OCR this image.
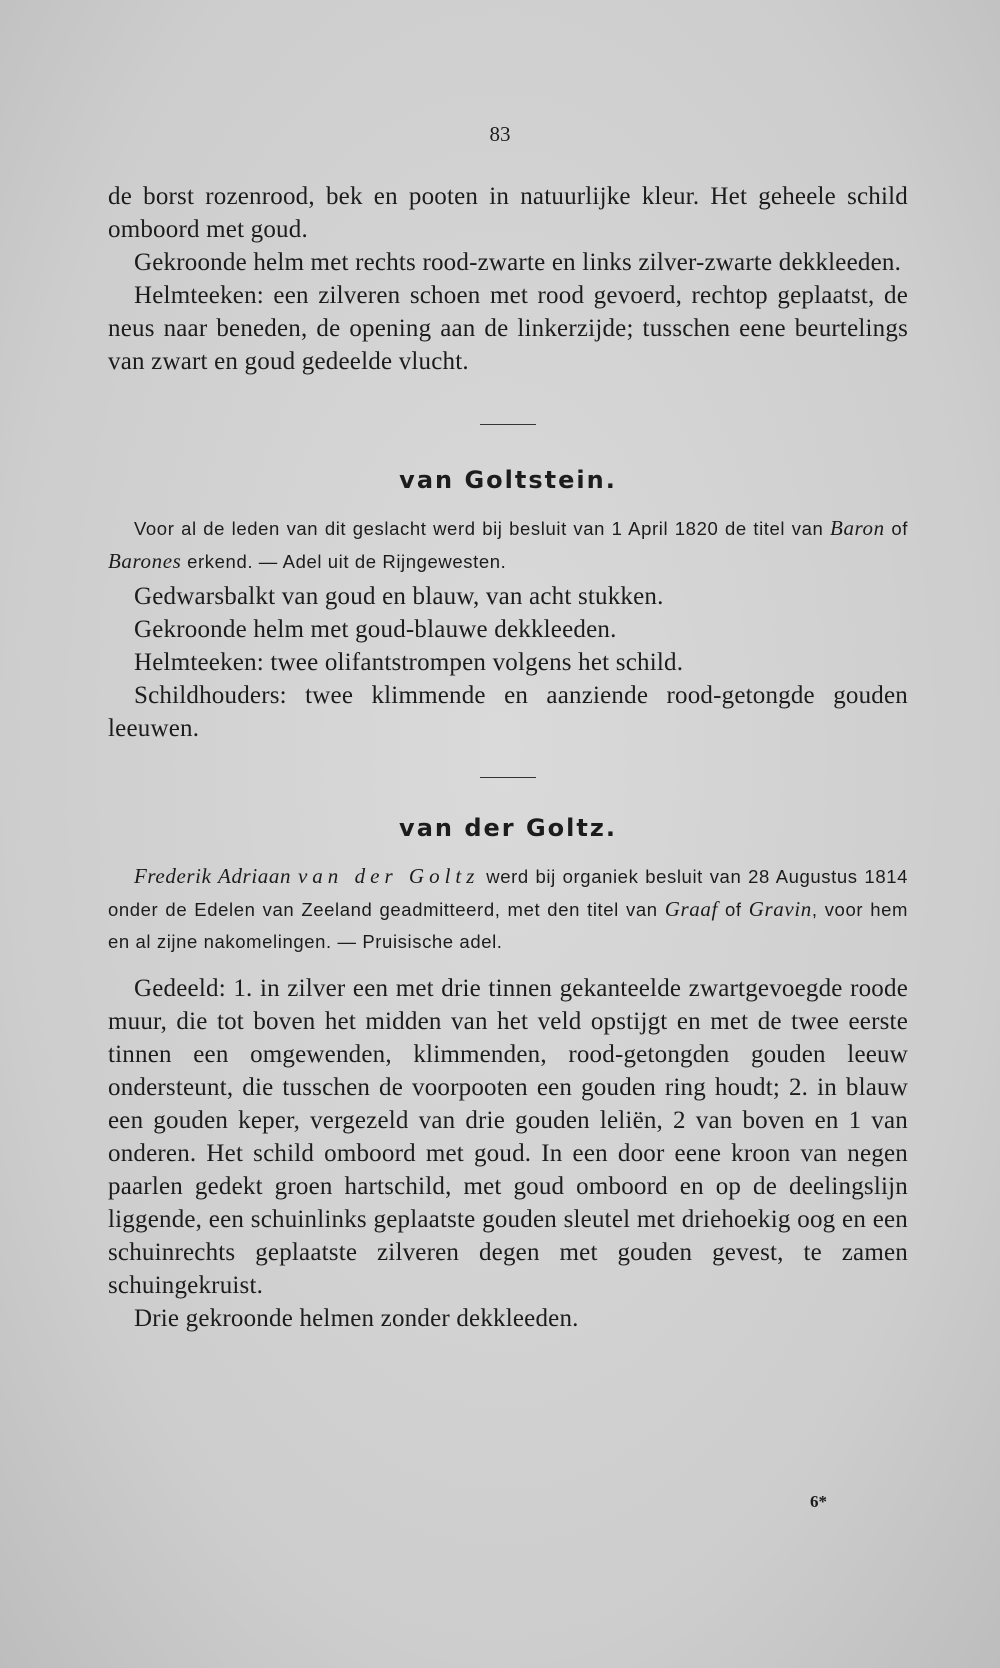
83

de borst rozenrood, bek en pooten in natuurlijke kleur. Het geheele schild omboord met goud.

Gekroonde helm met rechts rood-zwarte en links zilver-zwarte dekkleeden.

Helmteeken: een zilveren schoen met rood gevoerd, rechtop geplaatst, de neus naar beneden, de opening aan de linkerzijde; tusschen eene beurtelings van zwart en goud gedeelde vlucht.

van Goltstein.

Voor al de leden van dit geslacht werd bij besluit van 1 April 1820 de titel van Baron of Barones erkend. — Adel uit de Rijngewesten.

Gedwarsbalkt van goud en blauw, van acht stukken.

Gekroonde helm met goud-blauwe dekkleeden.

Helmteeken: twee olifantstrompen volgens het schild.

Schildhouders: twee klimmende en aanziende rood-getongde gouden leeuwen.

van der Goltz.

Frederik Adriaan van der Goltz werd bij organiek besluit van 28 Augustus 1814 onder de Edelen van Zeeland geadmitteerd, met den titel van Graaf of Gravin, voor hem en al zijne nakomelingen. — Pruisische adel.

Gedeeld: 1. in zilver een met drie tinnen gekanteelde zwartgevoegde roode muur, die tot boven het midden van het veld opstijgt en met de twee eerste tinnen een omgewenden, klimmenden, rood-getongden gouden leeuw ondersteunt, die tusschen de voorpooten een gouden ring houdt; 2. in blauw een gouden keper, vergezeld van drie gouden leliën, 2 van boven en 1 van onderen. Het schild omboord met goud. In een door eene kroon van negen paarlen gedekt groen hartschild, met goud omboord en op de deelingslijn liggende, een schuinlinks geplaatste gouden sleutel met driehoekig oog en een schuinrechts geplaatste zilveren degen met gouden gevest, te zamen schuingekruist.

Drie gekroonde helmen zonder dekkleeden.

6*
